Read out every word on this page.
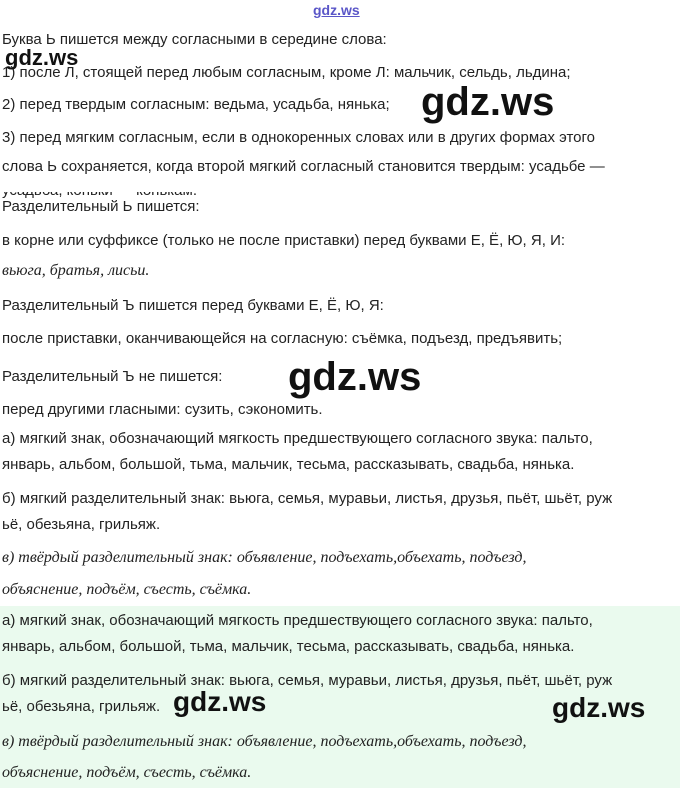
gdz.ws
Буква Ь пишется между согласными в середине слова:
1) после Л, стоящей перед любым согласным, кроме Л: мальчик, сельдь, льдина;
2) перед твердым согласным: ведьма, усадьба, нянька;
3) перед мягким согласным, если в однокоренных словах или в других формах этого
слова Ь сохраняется, когда второй мягкий согласный становится твердым: усадьбе —
Разделительный Ь пишется:
в корне или суффиксе (только не после приставки) перед буквами Е, Ё, Ю, Я, И:
вьюга, братья, лисьи.
Разделительный Ъ пишется перед буквами Е, Ё, Ю, Я:
после приставки, оканчивающейся на согласную: съёмка, подъезд, предъявить;
Разделительный Ъ не пишется:
перед другими гласными: сузить, сэкономить.
а) мягкий знак, обозначающий мягкость предшествующего согласного звука: пальто,
январь, альбом, большой, тьма, мальчик, тесьма, рассказывать, свадьба, нянька.
б) мягкий разделительный знак: вьюга, семья, муравьи, листья, друзья, пьёт, шьёт, руж
ьё, обезьяна, грильяж.
в) твёрдый разделительный знак: объявление, подъехать,объехать, подъезд,
объяснение, подъём, съесть, съёмка.
а) мягкий знак, обозначающий мягкость предшествующего согласного звука: пальто,
январь, альбом, большой, тьма, мальчик, тесьма, рассказывать, свадьба, нянька.
б) мягкий разделительный знак: вьюга, семья, муравьи, листья, друзья, пьёт, шьёт, руж
ьё, обезьяна, грильяж.
в) твёрдый разделительный знак: объявление, подъехать,объехать, подъезд,
объяснение, подъём, съесть, съёмка.
gdz.ws
gdz.ws
gdz.ws
gdz.ws	gdz.ws
